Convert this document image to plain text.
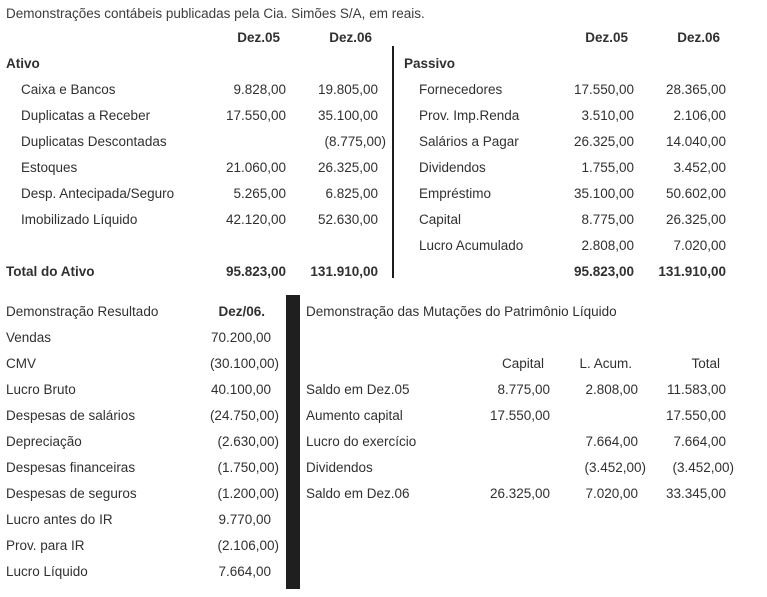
Demonstrações contábeis publicadas pela Cia. Simões S/A, em reais.
	Dez.05	Dez.06
Ativo		
Caixa e Bancos	9.828,00	19.805,00
Duplicatas a Receber	17.550,00	35.100,00
Duplicatas Descontadas		(8.775,00)
Estoques	21.060,00	26.325,00
Desp. Antecipada/Seguro	5.265,00	6.825,00
Imobilizado Líquido	42.120,00	52.630,00

Total do Ativo	95.823,00	131.910,00
	Dez.05	Dez.06
Passivo		
Fornecedores	17.550,00	28.365,00
Prov. Imp.Renda	3.510,00	2.106,00
Salários a Pagar	26.325,00	14.040,00
Dividendos	1.755,00	3.452,00
Empréstimo	35.100,00	50.602,00
Capital	8.775,00	26.325,00
Lucro Acumulado	2.808,00	7.020,00
	95.823,00	131.910,00
Demonstração Resultado	Dez/06.
Vendas	70.200,00
CMV	(30.100,00)
Lucro Bruto	40.100,00
Despesas de salários	(24.750,00)
Depreciação	(2.630,00)
Despesas financeiras	(1.750,00)
Despesas de seguros	(1.200,00)
Lucro antes do IR	9.770,00
Prov. para IR	(2.106,00)
Lucro Líquido	7.664,00
Demonstração das Mutações do Patrimônio Líquido			

	Capital	L. Acum.	Total
Saldo em Dez.05	8.775,00	2.808,00	11.583,00
Aumento capital	17.550,00		17.550,00
Lucro do exercício		7.664,00	7.664,00
Dividendos		(3.452,00)	(3.452,00)
Saldo em Dez.06	26.325,00	7.020,00	33.345,00
